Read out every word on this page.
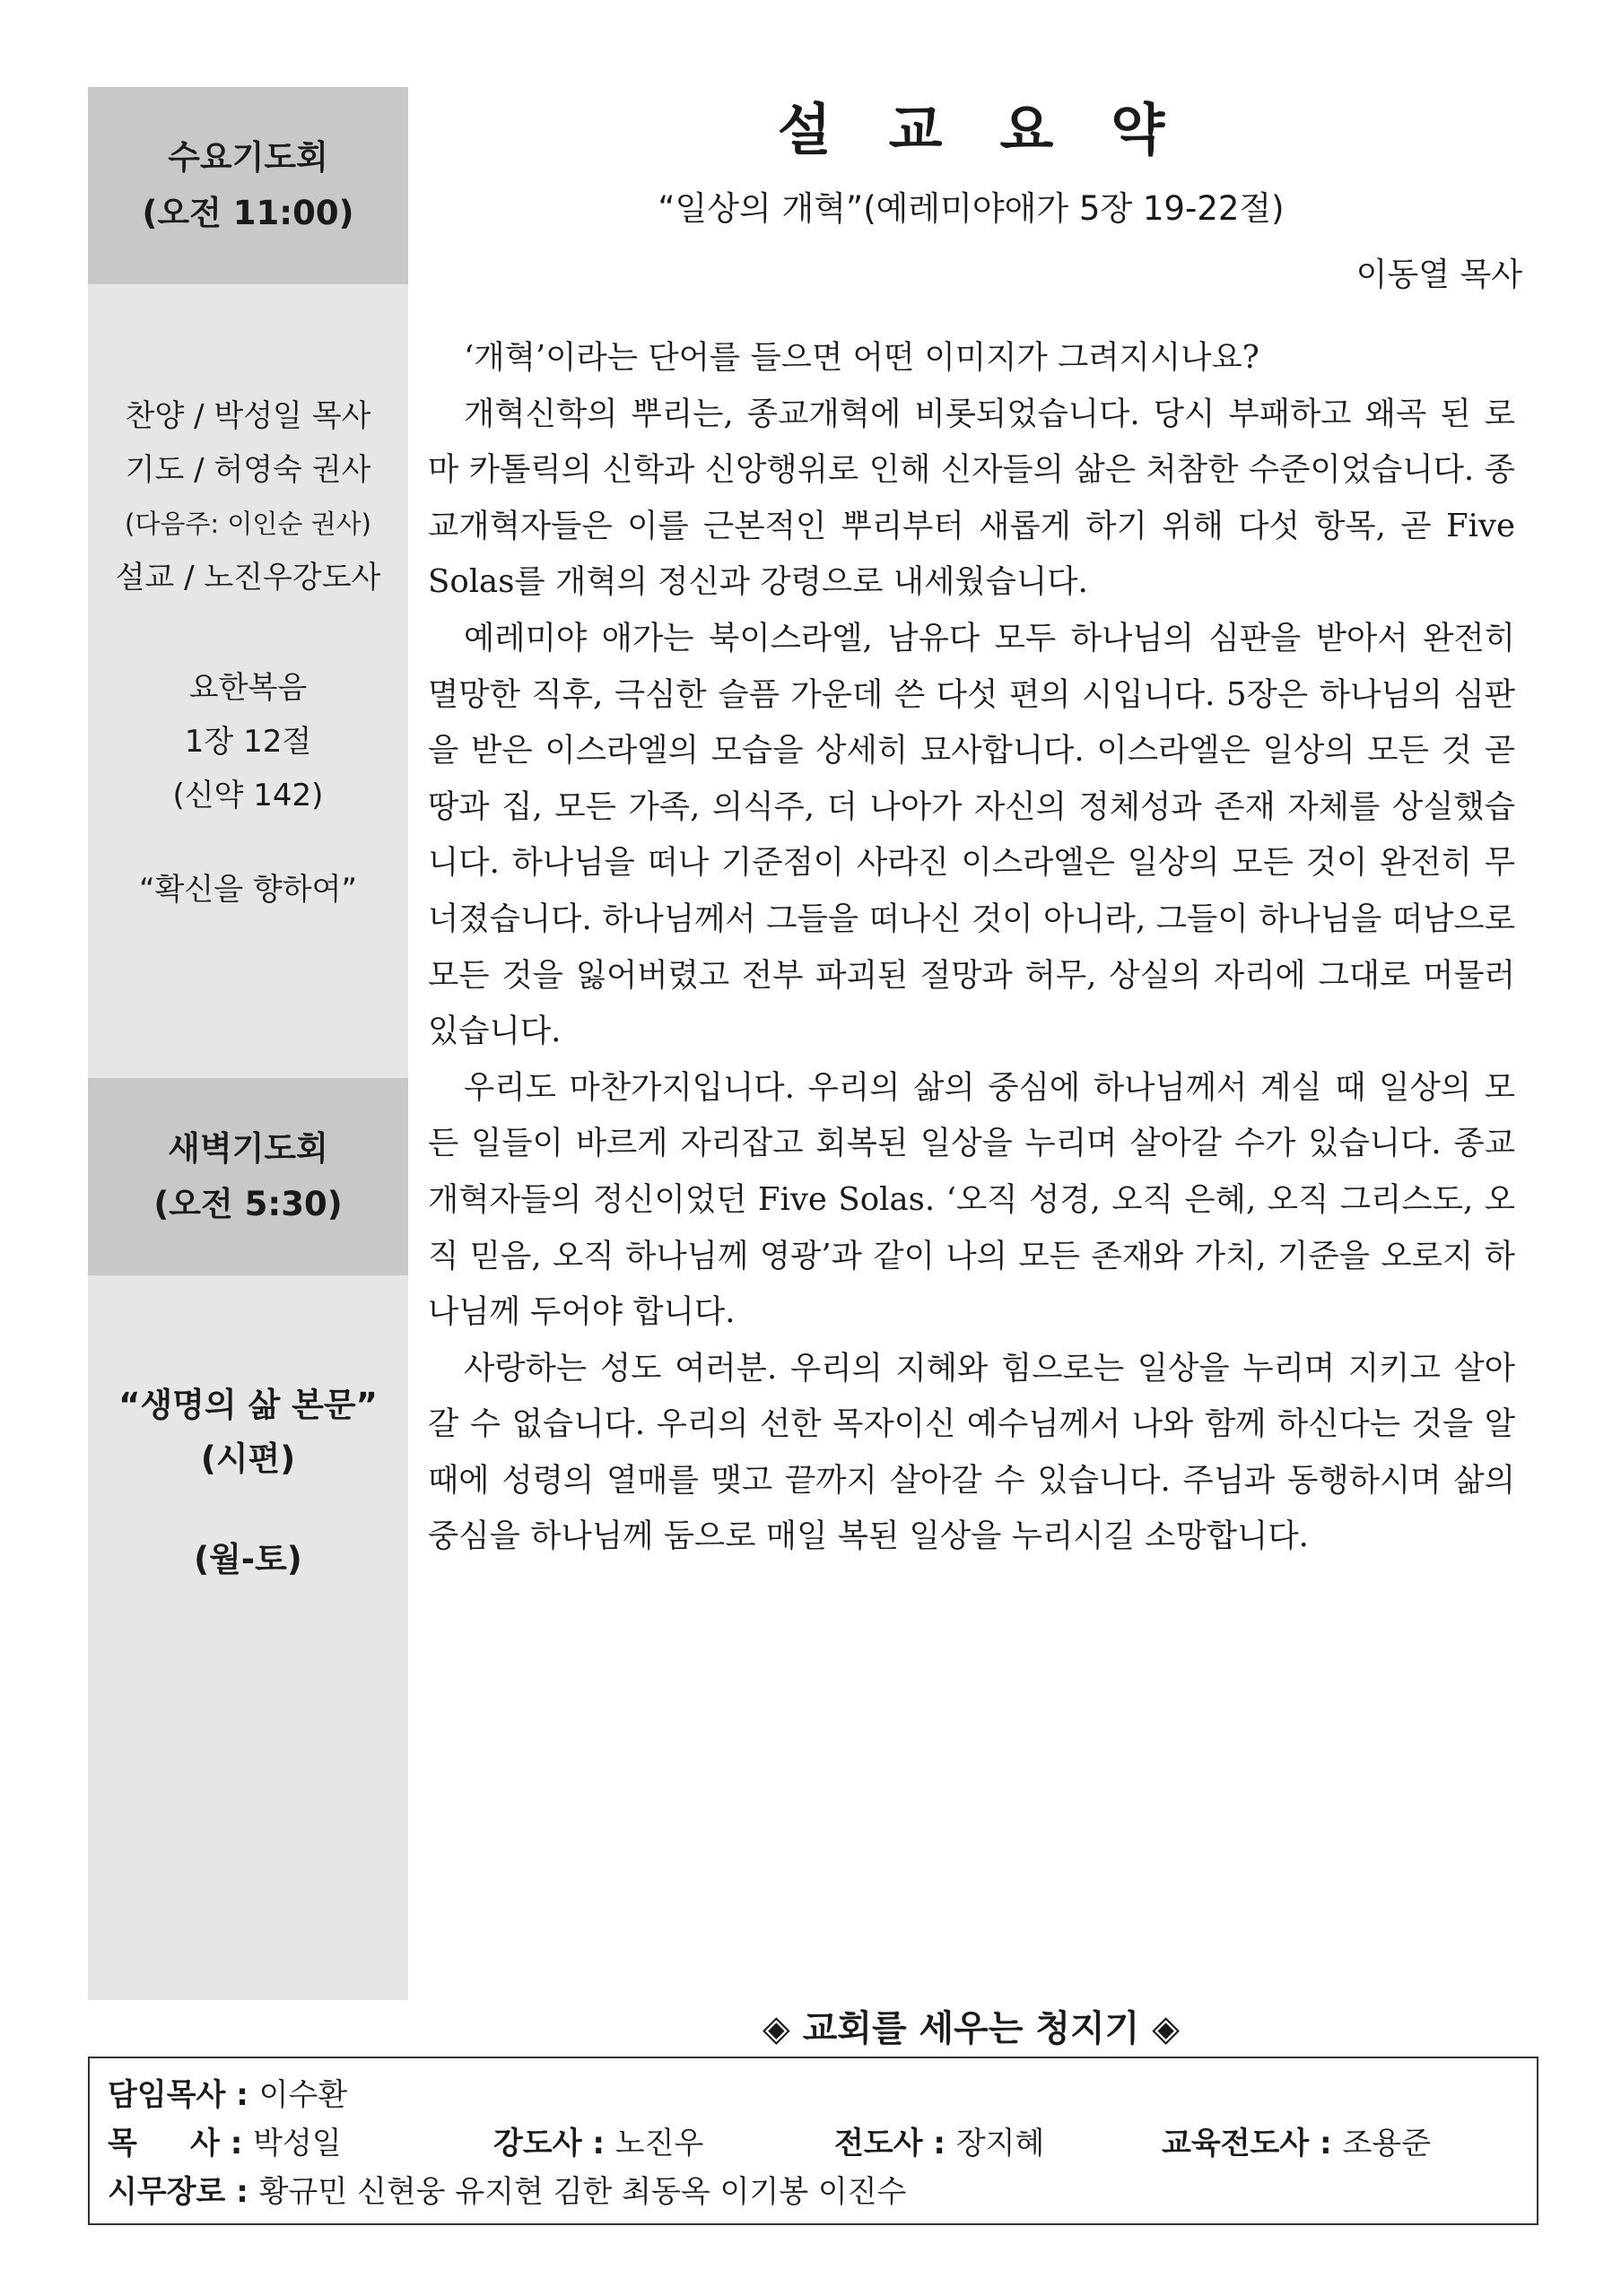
수요기도회
(오전 11:00)
찬양 / 박성일 목사
기도 / 허영숙 권사
(다음주: 이인순 권사)
설교 / 노진우강도사
요한복음
1장 12절
(신약 142)
“확신을 향하여”
새벽기도회
(오전 5:30)
“생명의 삶 본문”
(시편)
(월-토)
설교요약
“일상의 개혁”(예레미야애가 5장 19-22절)
이동열 목사

‘개혁’이라는 단어를 들으면 어떤 이미지가 그려지시나요?

개혁신학의 뿌리는, 종교개혁에 비롯되었습니다. 당시 부패하고 왜곡 된 로마 카톨릭의 신학과 신앙행위로 인해 신자들의 삶은 처참한 수준이었습니다. 종교개혁자들은 이를 근본적인 뿌리부터 새롭게 하기 위해 다섯 항목, 곧 Five Solas를 개혁의 정신과 강령으로 내세웠습니다.

예레미야 애가는 북이스라엘, 남유다 모두 하나님의 심판을 받아서 완전히 멸망한 직후, 극심한 슬픔 가운데 쓴 다섯 편의 시입니다. 5장은 하나님의 심판을 받은 이스라엘의 모습을 상세히 묘사합니다. 이스라엘은 일상의 모든 것 곧 땅과 집, 모든 가족, 의식주, 더 나아가 자신의 정체성과 존재 자체를 상실했습니다. 하나님을 떠나 기준점이 사라진 이스라엘은 일상의 모든 것이 완전히 무너졌습니다. 하나님께서 그들을 떠나신 것이 아니라, 그들이 하나님을 떠남으로 모든 것을 잃어버렸고 전부 파괴된 절망과 허무, 상실의 자리에 그대로 머물러 있습니다.

우리도 마찬가지입니다. 우리의 삶의 중심에 하나님께서 계실 때 일상의 모든 일들이 바르게 자리잡고 회복된 일상을 누리며 살아갈 수가 있습니다. 종교개혁자들의 정신이었던 Five Solas. ‘오직 성경, 오직 은혜, 오직 그리스도, 오직 믿음, 오직 하나님께 영광’과 같이 나의 모든 존재와 가치, 기준을 오로지 하나님께 두어야 합니다.

사랑하는 성도 여러분. 우리의 지혜와 힘으로는 일상을 누리며 지키고 살아갈 수 없습니다. 우리의 선한 목자이신 예수님께서 나와 함께 하신다는 것을 알 때에 성령의 열매를 맺고 끝까지 살아갈 수 있습니다. 주님과 동행하시며 삶의 중심을 하나님께 둠으로 매일 복된 일상을 누리시길 소망합니다.

◈ 교회를 세우는 청지기 ◈
담임목사 : 이수환
목     사 : 박성일	강도사 : 노진우	전도사 : 장지혜	교육전도사 : 조용준
시무장로 : 황규민 신현웅 유지현 김한 최동옥 이기봉 이진수
